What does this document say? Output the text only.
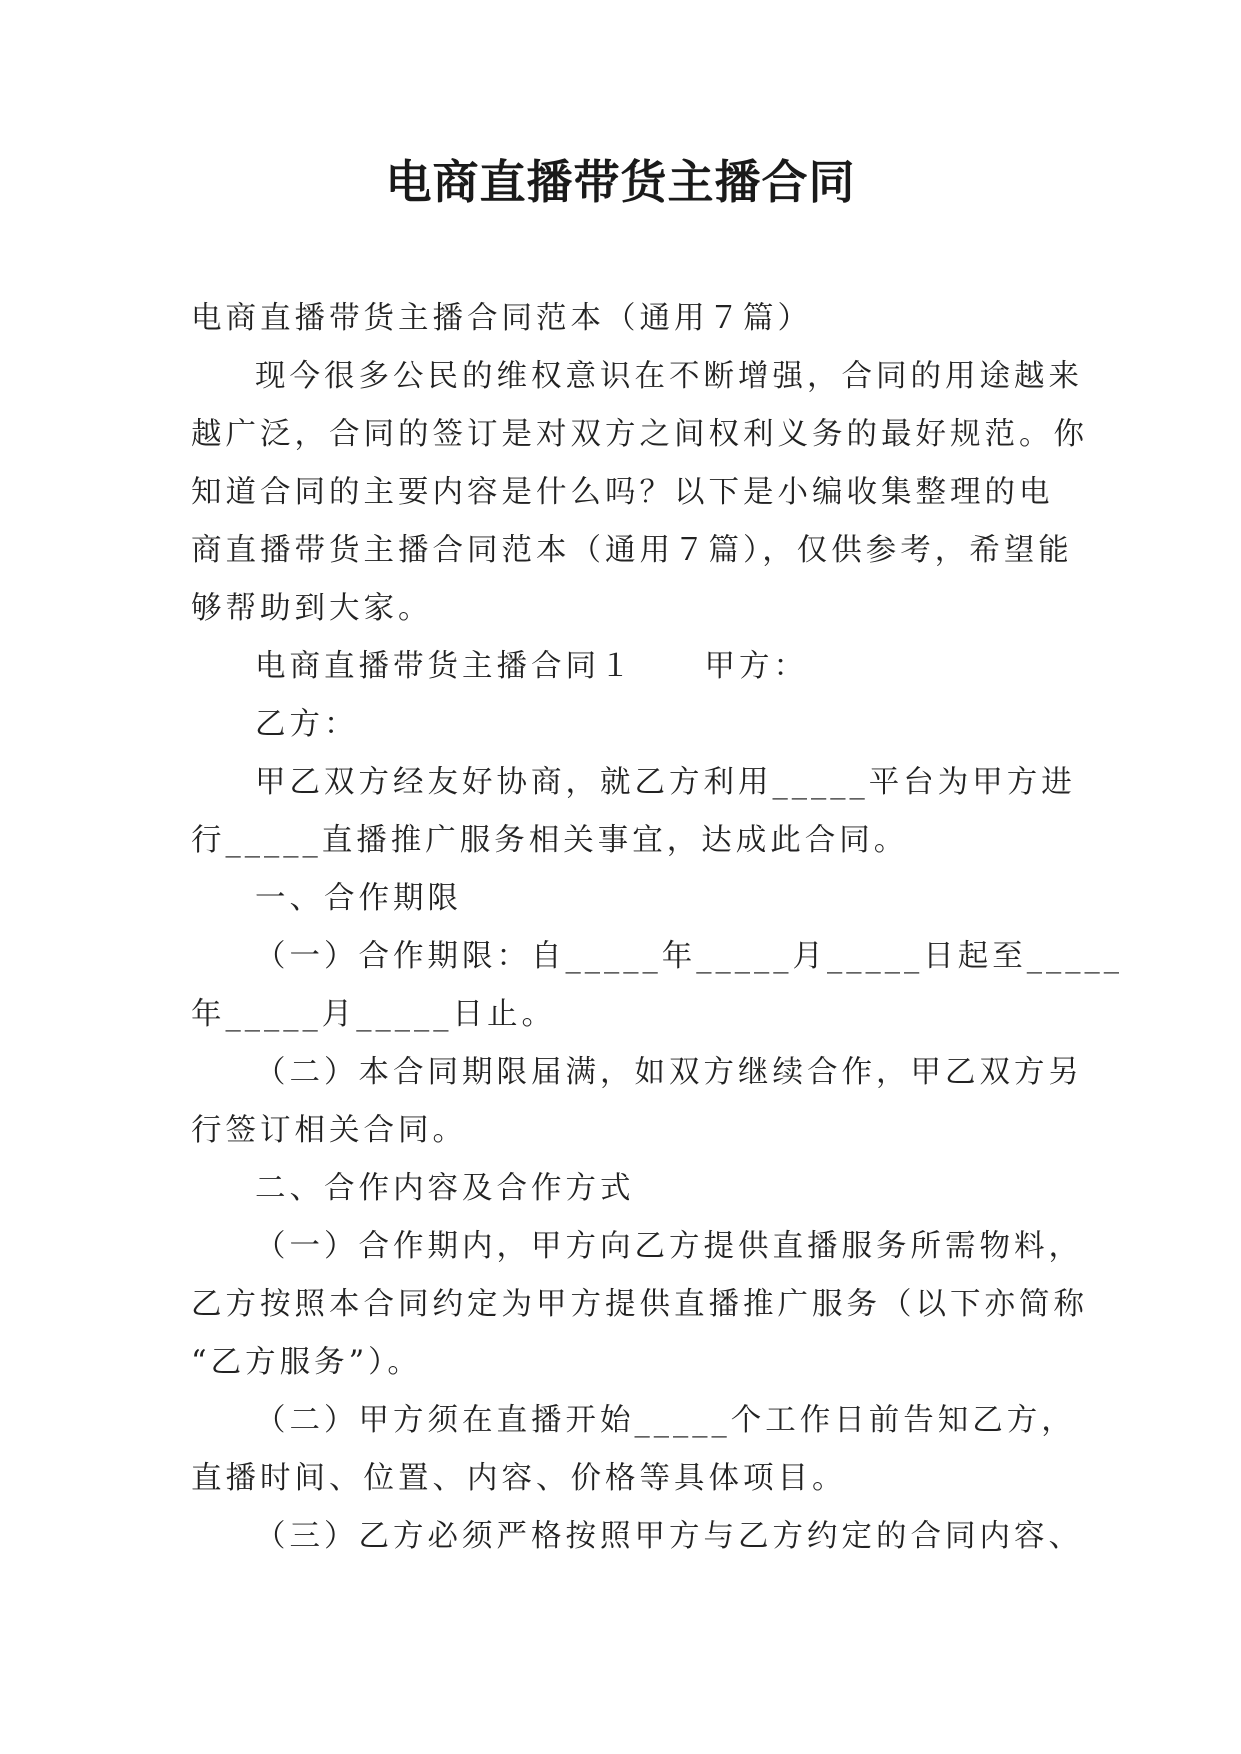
电商直播带货主播合同
电商直播带货主播合同范本（通用７篇）
现今很多公民的维权意识在不断增强，合同的用途越来
越广泛，合同的签订是对双方之间权利义务的最好规范。你
知道合同的主要内容是什么吗？以下是小编收集整理的电
商直播带货主播合同范本（通用７篇），仅供参考，希望能
够帮助到大家。
电商直播带货主播合同１ 甲方：
乙方：
甲乙双方经友好协商，就乙方利用_____平台为甲方进
行_____直播推广服务相关事宜，达成此合同。
一、合作期限
（一）合作期限：自_____年_____月_____日起至_____
年_____月_____日止。
（二）本合同期限届满，如双方继续合作，甲乙双方另
行签订相关合同。
二、合作内容及合作方式
（一）合作期内，甲方向乙方提供直播服务所需物料，
乙方按照本合同约定为甲方提供直播推广服务（以下亦简称
“乙方服务”）。
（二）甲方须在直播开始_____个工作日前告知乙方，
直播时间、位置、内容、价格等具体项目。
（三）乙方必须严格按照甲方与乙方约定的合同内容、
